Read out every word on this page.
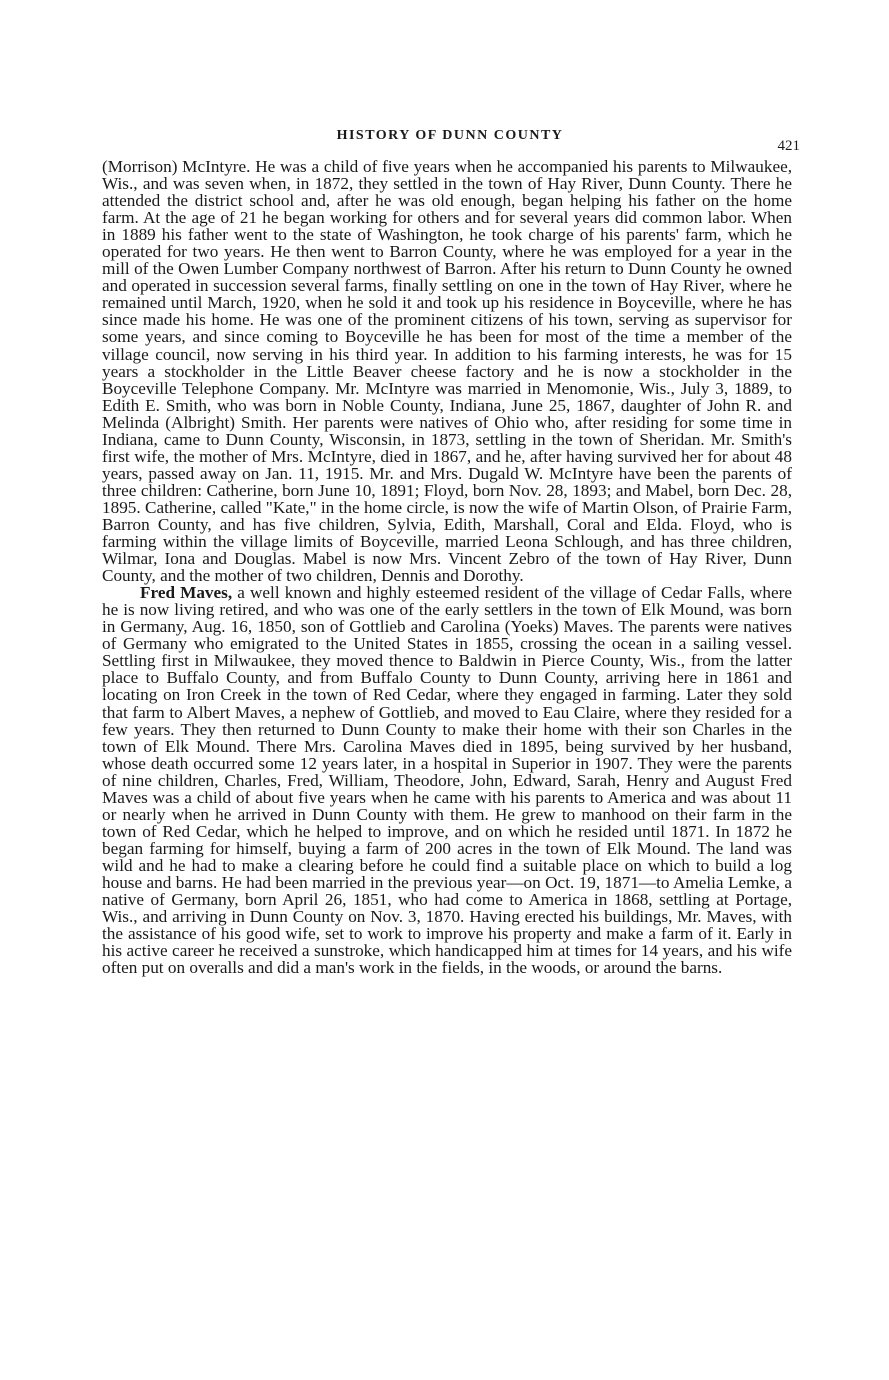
HISTORY OF DUNN COUNTY
421

(Morrison) McIntyre. He was a child of five years when he accompanied his parents to Milwaukee, Wis., and was seven when, in 1872, they settled in the town of Hay River, Dunn County. There he attended the district school and, after he was old enough, began helping his father on the home farm. At the age of 21 he began working for others and for several years did common labor. When in 1889 his father went to the state of Washington, he took charge of his parents' farm, which he operated for two years. He then went to Barron County, where he was employed for a year in the mill of the Owen Lumber Company northwest of Barron. After his return to Dunn County he owned and operated in succession several farms, finally settling on one in the town of Hay River, where he remained until March, 1920, when he sold it and took up his residence in Boyceville, where he has since made his home. He was one of the prominent citizens of his town, serving as supervisor for some years, and since coming to Boyceville he has been for most of the time a member of the village council, now serving in his third year. In addition to his farming interests, he was for 15 years a stockholder in the Little Beaver cheese factory and he is now a stockholder in the Boyceville Telephone Company. Mr. McIntyre was married in Menomonie, Wis., July 3, 1889, to Edith E. Smith, who was born in Noble County, Indiana, June 25, 1867, daughter of John R. and Melinda (Albright) Smith. Her parents were natives of Ohio who, after residing for some time in Indiana, came to Dunn County, Wisconsin, in 1873, settling in the town of Sheridan. Mr. Smith's first wife, the mother of Mrs. McIntyre, died in 1867, and he, after having survived her for about 48 years, passed away on Jan. 11, 1915. Mr. and Mrs. Dugald W. McIntyre have been the parents of three children: Catherine, born June 10, 1891; Floyd, born Nov. 28, 1893; and Mabel, born Dec. 28, 1895. Catherine, called "Kate," in the home circle, is now the wife of Martin Olson, of Prairie Farm, Barron County, and has five children, Sylvia, Edith, Marshall, Coral and Elda. Floyd, who is farming within the village limits of Boyceville, married Leona Schlough, and has three children, Wilmar, Iona and Douglas. Mabel is now Mrs. Vincent Zebro of the town of Hay River, Dunn County, and the mother of two children, Dennis and Dorothy.

Fred Maves, a well known and highly esteemed resident of the village of Cedar Falls, where he is now living retired, and who was one of the early settlers in the town of Elk Mound, was born in Germany, Aug. 16, 1850, son of Gottlieb and Carolina (Yoeks) Maves. The parents were natives of Germany who emigrated to the United States in 1855, crossing the ocean in a sailing vessel. Settling first in Milwaukee, they moved thence to Baldwin in Pierce County, Wis., from the latter place to Buffalo County, and from Buffalo County to Dunn County, arriving here in 1861 and locating on Iron Creek in the town of Red Cedar, where they engaged in farming. Later they sold that farm to Albert Maves, a nephew of Gottlieb, and moved to Eau Claire, where they resided for a few years. They then returned to Dunn County to make their home with their son Charles in the town of Elk Mound. There Mrs. Carolina Maves died in 1895, being survived by her husband, whose death occurred some 12 years later, in a hospital in Superior in 1907. They were the parents of nine children, Charles, Fred, William, Theodore, John, Edward, Sarah, Henry and August Fred Maves was a child of about five years when he came with his parents to America and was about 11 or nearly when he arrived in Dunn County with them. He grew to manhood on their farm in the town of Red Cedar, which he helped to improve, and on which he resided until 1871. In 1872 he began farming for himself, buying a farm of 200 acres in the town of Elk Mound. The land was wild and he had to make a clearing before he could find a suitable place on which to build a log house and barns. He had been married in the previous year—on Oct. 19, 1871—to Amelia Lemke, a native of Germany, born April 26, 1851, who had come to America in 1868, settling at Portage, Wis., and arriving in Dunn County on Nov. 3, 1870. Having erected his buildings, Mr. Maves, with the assistance of his good wife, set to work to improve his property and make a farm of it. Early in his active career he received a sunstroke, which handicapped him at times for 14 years, and his wife often put on overalls and did a man's work in the fields, in the woods, or around the barns.
